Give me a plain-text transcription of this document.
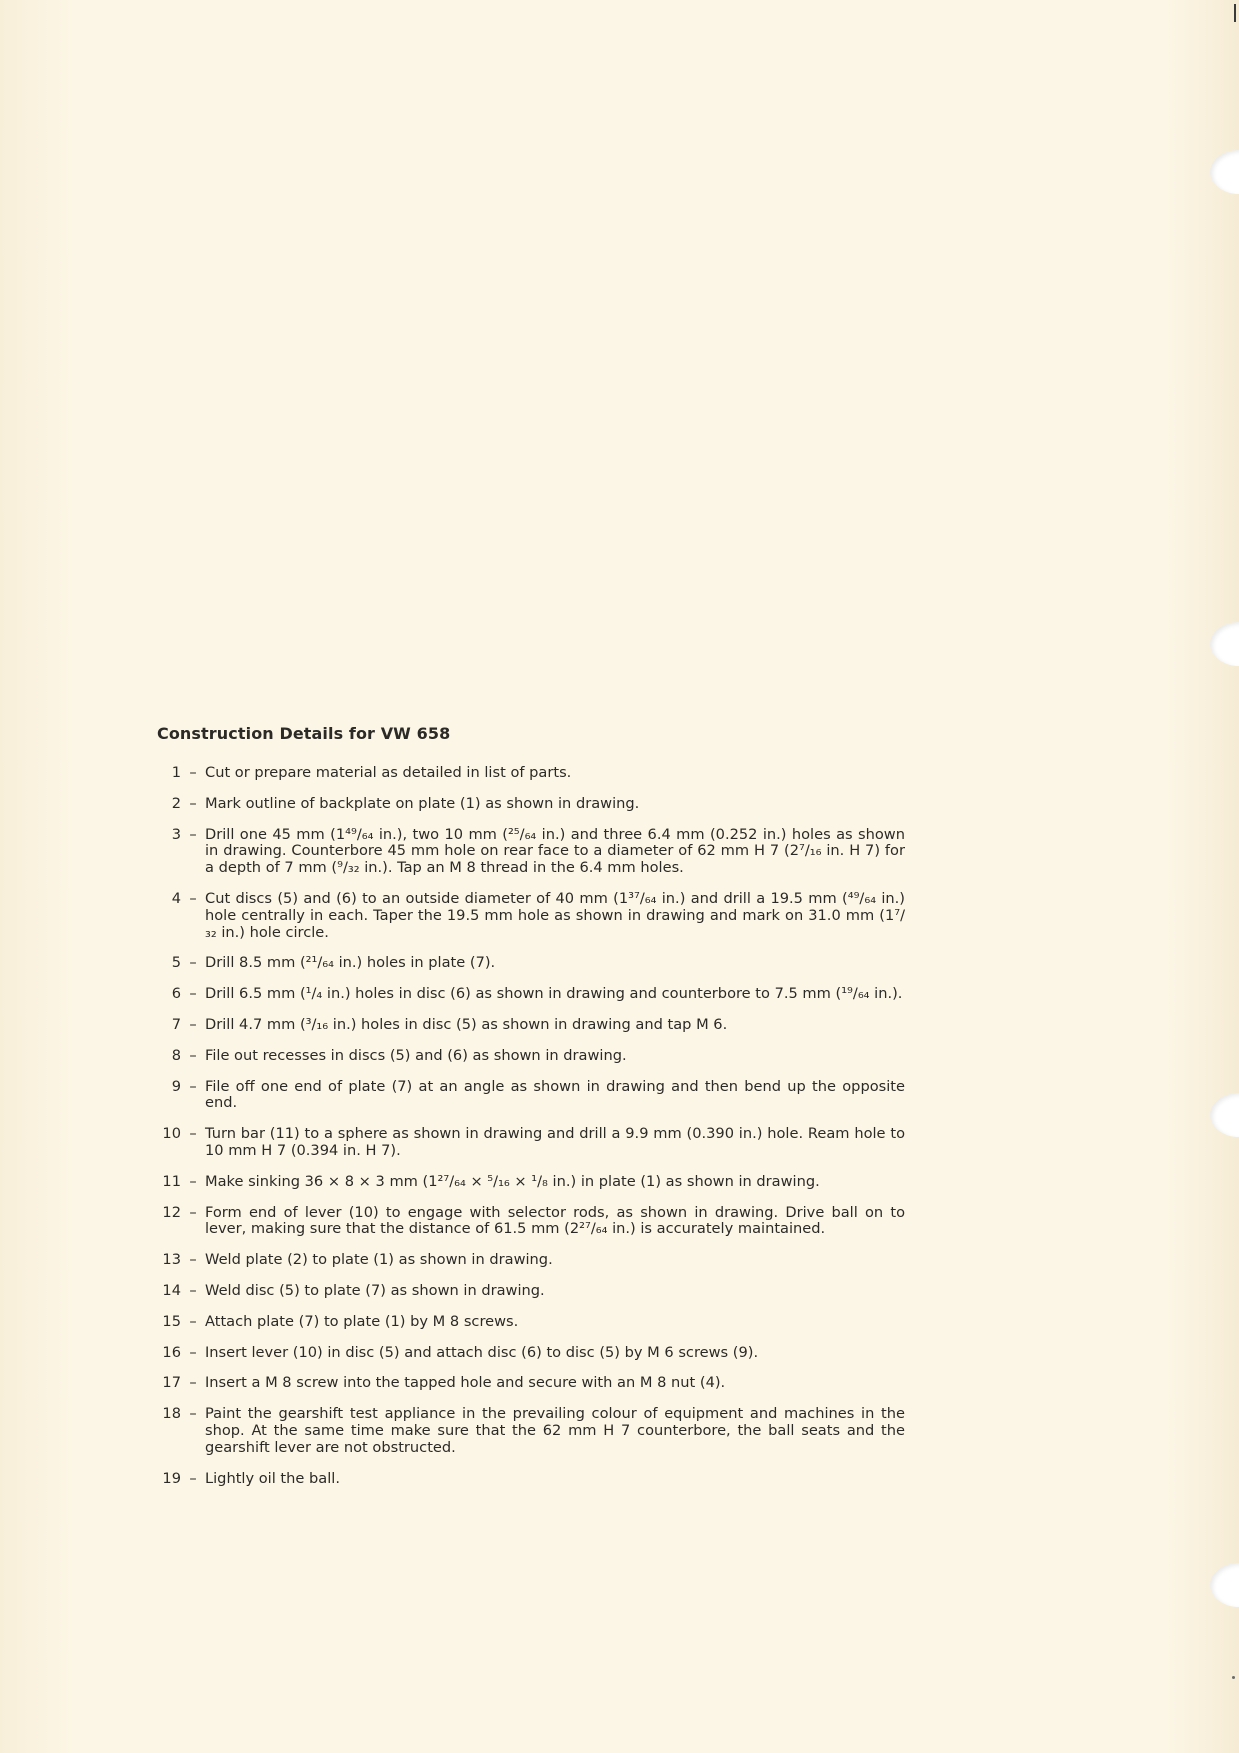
Construction Details for VW 658
1 – Cut or prepare material as detailed in list of parts.
2 – Mark outline of backplate on plate (1) as shown in drawing.
3 – Drill one 45 mm (1⁴⁹/₆₄ in.), two 10 mm (²⁵/₆₄ in.) and three 6.4 mm (0.252 in.) holes as shown in drawing. Counterbore 45 mm hole on rear face to a diameter of 62 mm H 7 (2⁷/₁₆ in. H 7) for a depth of 7 mm (⁹/₃₂ in.). Tap an M 8 thread in the 6.4 mm holes.
4 – Cut discs (5) and (6) to an outside diameter of 40 mm (1³⁷/₆₄ in.) and drill a 19.5 mm (⁴⁹/₆₄ in.) hole centrally in each. Taper the 19.5 mm hole as shown in drawing and mark on 31.0 mm (1⁷/₃₂ in.) hole circle.
5 – Drill 8.5 mm (²¹/₆₄ in.) holes in plate (7).
6 – Drill 6.5 mm (¹/₄ in.) holes in disc (6) as shown in drawing and counterbore to 7.5 mm (¹⁹/₆₄ in.).
7 – Drill 4.7 mm (³/₁₆ in.) holes in disc (5) as shown in drawing and tap M 6.
8 – File out recesses in discs (5) and (6) as shown in drawing.
9 – File off one end of plate (7) at an angle as shown in drawing and then bend up the opposite end.
10 – Turn bar (11) to a sphere as shown in drawing and drill a 9.9 mm (0.390 in.) hole. Ream hole to 10 mm H 7 (0.394 in. H 7).
11 – Make sinking 36 × 8 × 3 mm (1²⁷/₆₄ × ⁵/₁₆ × ¹/₈ in.) in plate (1) as shown in drawing.
12 – Form end of lever (10) to engage with selector rods, as shown in drawing. Drive ball on to lever, making sure that the distance of 61.5 mm (2²⁷/₆₄ in.) is accurately maintained.
13 – Weld plate (2) to plate (1) as shown in drawing.
14 – Weld disc (5) to plate (7) as shown in drawing.
15 – Attach plate (7) to plate (1) by M 8 screws.
16 – Insert lever (10) in disc (5) and attach disc (6) to disc (5) by M 6 screws (9).
17 – Insert a M 8 screw into the tapped hole and secure with an M 8 nut (4).
18 – Paint the gearshift test appliance in the prevailing colour of equipment and machines in the shop. At the same time make sure that the 62 mm H 7 counterbore, the ball seats and the gearshift lever are not obstructed.
19 – Lightly oil the ball.
